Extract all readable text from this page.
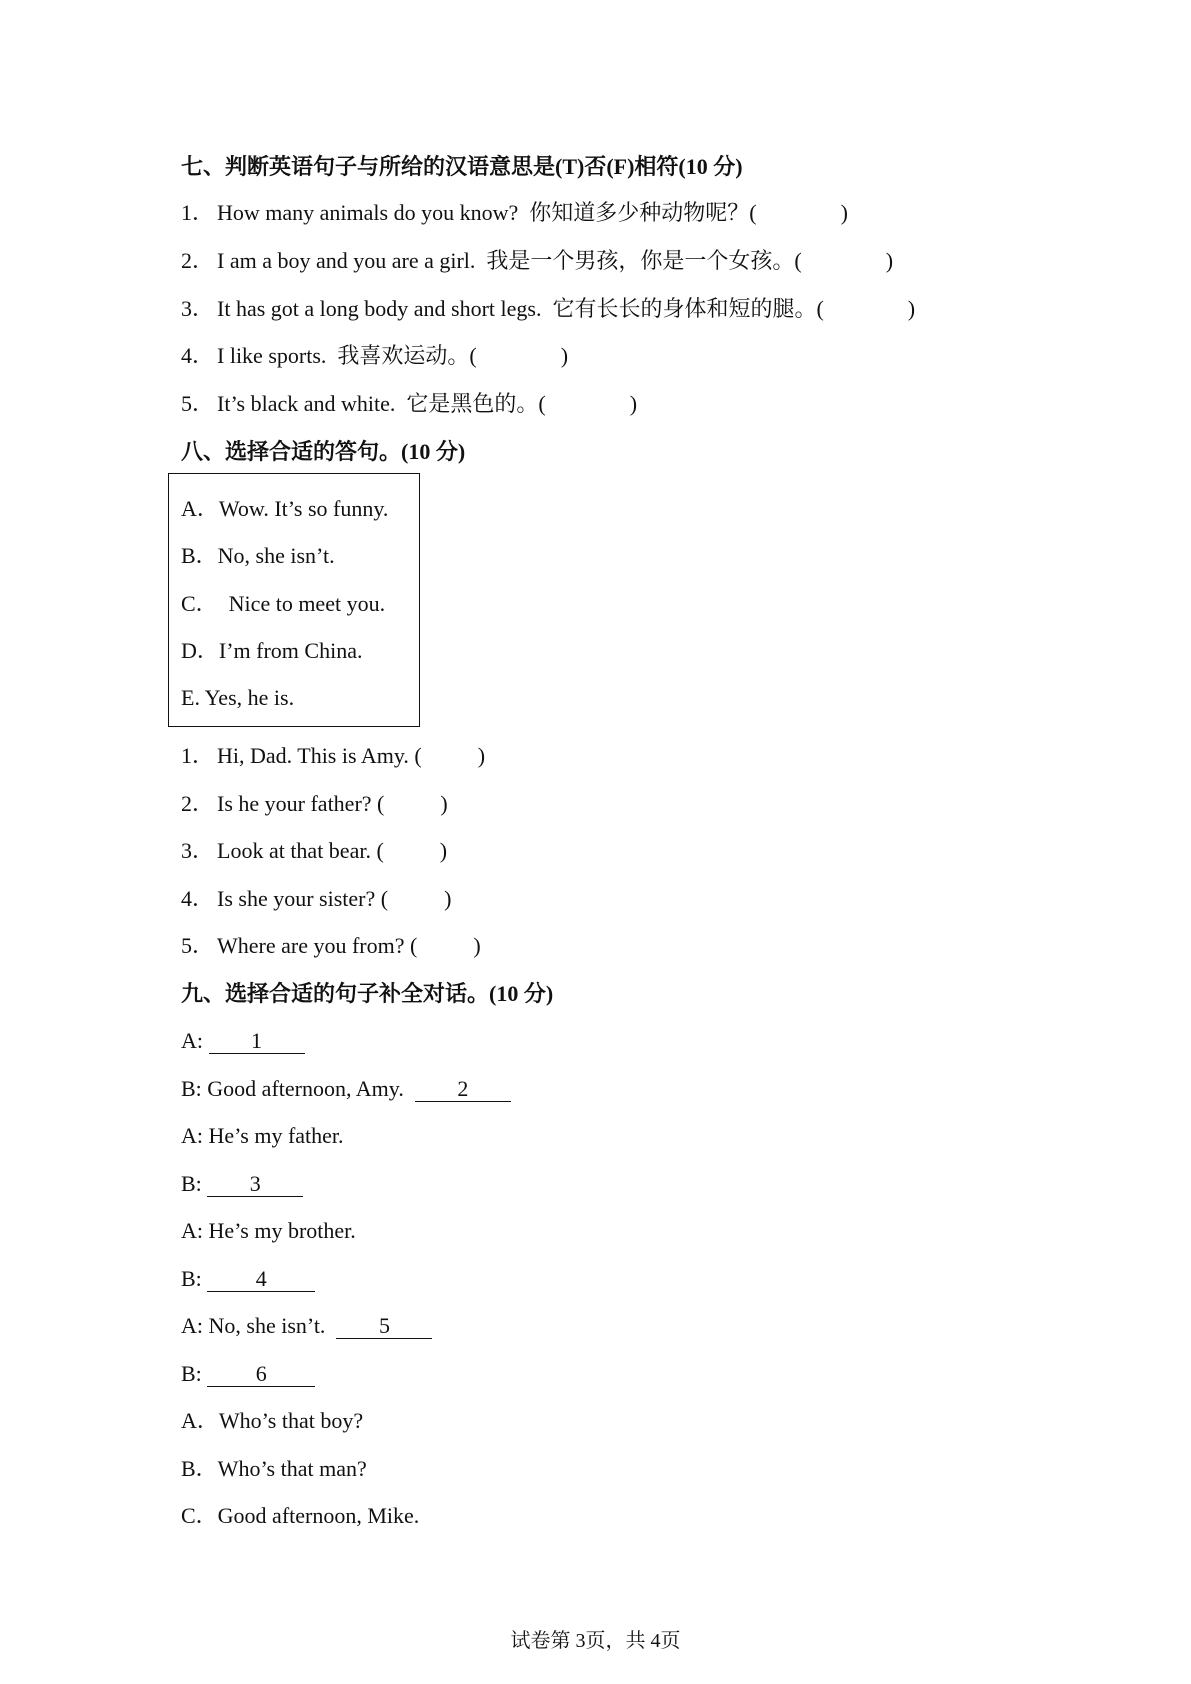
七、判断英语句子与所给的汉语意思是(T)否(F)相符(10 分)
1． How many animals do you know?  你知道多少种动物呢？(	)
2． I am a boy and you are a girl.  我是一个男孩，你是一个女孩。(	)
3． It has got a long body and short legs.  它有长长的身体和短的腿。(	)
4． I like sports.  我喜欢运动。(	)
5． It’s black and white.  它是黑色的。(	)
八、选择合适的答句。(10 分)
A．Wow. It’s so funny.
B．No, she isn’t.
C．  Nice to meet you.
D．I’m from China.
E. Yes, he is.
1． Hi, Dad. This is Amy. (	)
2． Is he your father? (	)
3． Look at that bear. (	)
4． Is she your sister? (	)
5． Where are you from? (	)
九、选择合适的句子补全对话。(10 分)
A: 1
B: Good afternoon, Amy.  2
A: He’s my father.
B: 3
A: He’s my brother.
B: 4
A: No, she isn’t.  5
B: 6
A．Who’s that boy?
B．Who’s that man?
C．Good afternoon, Mike.
试卷第 3页，共 4页
